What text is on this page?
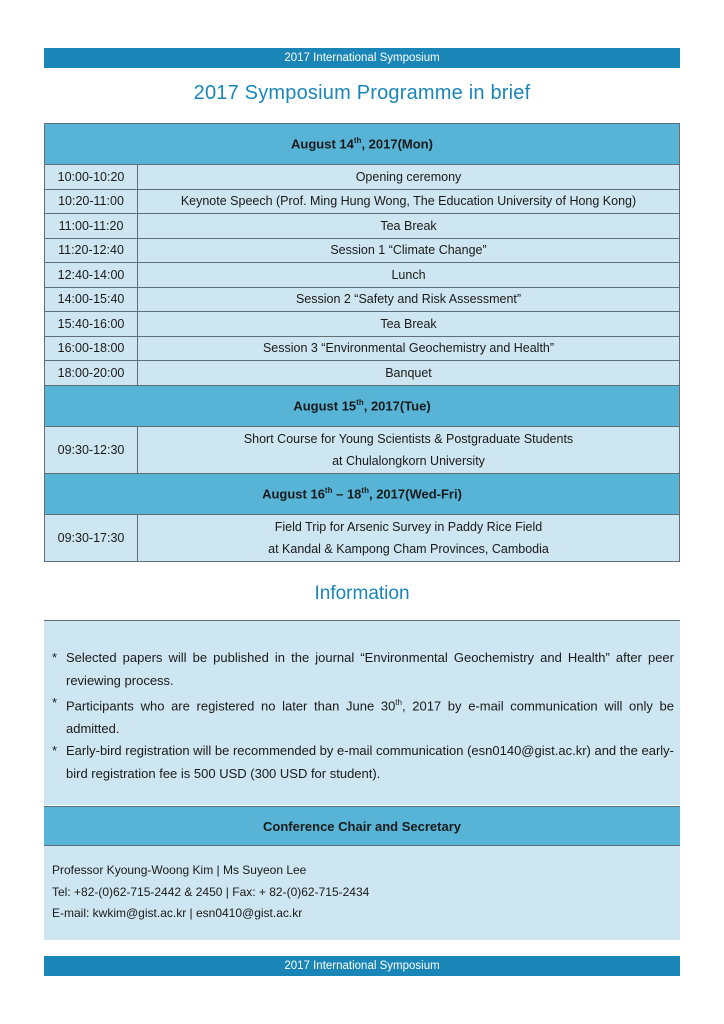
2017 International Symposium
2017 Symposium Programme in brief
August 14th, 2017(Mon)	
10:00-10:20	Opening ceremony
10:20-11:00	Keynote Speech (Prof. Ming Hung Wong, The Education University of Hong Kong)
11:00-11:20	Tea Break
11:20-12:40	Session 1 “Climate Change”
12:40-14:00	Lunch
14:00-15:40	Session 2 “Safety and Risk Assessment”
15:40-16:00	Tea Break
16:00-18:00	Session 3 “Environmental Geochemistry and Health”
18:00-20:00	Banquet
August 15th, 2017(Tue)	
09:30-12:30	Short Course for Young Scientists & Postgraduate Students
at Chulalongkorn University
August 16th – 18th, 2017(Wed-Fri)	
09:30-17:30	Field Trip for Arsenic Survey in Paddy Rice Field
at Kandal & Kampong Cham Provinces, Cambodia
Information
* Selected papers will be published in the journal “Environmental Geochemistry and Health” after peer reviewing process.
* Participants who are registered no later than June 30th, 2017 by e-mail communication will only be admitted.
* Early-bird registration will be recommended by e-mail communication (esn0140@gist.ac.kr) and the early-bird registration fee is 500 USD (300 USD for student).
Conference Chair and Secretary
Professor Kyoung-Woong Kim | Ms Suyeon Lee
Tel: +82-(0)62-715-2442 & 2450 | Fax: + 82-(0)62-715-2434
E-mail: kwkim@gist.ac.kr | esn0410@gist.ac.kr
2017 International Symposium
